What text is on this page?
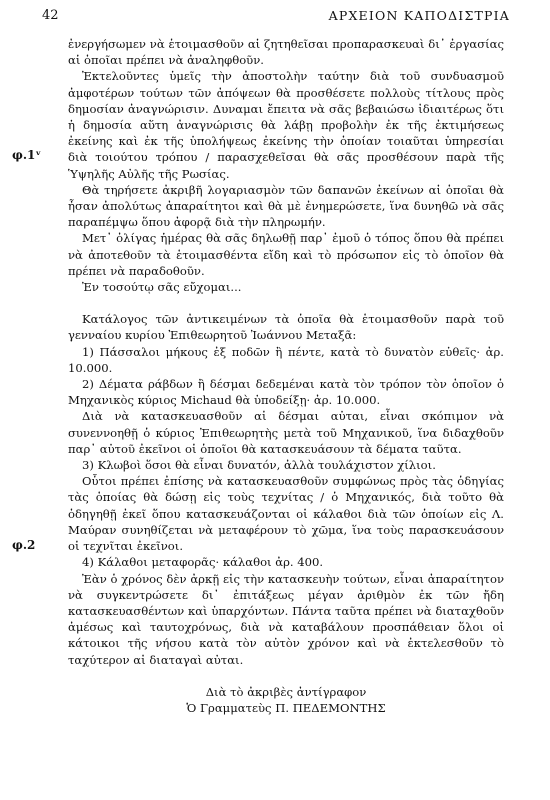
42	ΑΡΧΕΙΟΝ ΚΑΠΟΔΙΣΤΡΙΑ
φ.1ᵛ
φ.2

ἐνεργήσωμεν νὰ ἑτοιμασθοῦν αἱ ζητηθεῖσαι προπαρασκευαὶ δι᾿ ἐργασίας αἱ ὁποῖαι πρέπει νὰ ἀναληφθοῦν.

Ἐκτελοῦντες ὑμεῖς τὴν ἀποστολὴν ταύτην διὰ τοῦ συνδυασμοῦ ἀμφοτέρων τούτων τῶν ἀπόψεων θὰ προσθέσετε πολλοὺς τίτλους πρὸς δημοσίαν ἀναγνώρισιν. Δυναμαι ἔπειτα νὰ σᾶς βεβαιώσω ἰδιαιτέρως ὅτι ἡ δημοσία αὕτη ἀναγνώρισις θὰ λάβῃ προβολὴν ἐκ τῆς ἐκτιμήσεως ἐκείνης καὶ ἐκ τῆς ὑπολήψεως ἐκείνης τὴν ὁποίαν τοιαῦται ὑπηρεσίαι διὰ τοιούτου τρόπου / παρασχεθεῖσαι θὰ σᾶς προσθέσουν παρὰ τῆς Ὑψηλῆς Αὐλῆς τῆς Ρωσίας.

Θὰ τηρήσετε ἀκριβῆ λογαριασμὸν τῶν δαπανῶν ἐκείνων αἱ ὁποῖαι θὰ ἦσαν ἀπολύτως ἀπαραίτητοι καὶ θὰ μὲ ἐνημερώσετε, ἵνα δυνηθῶ νὰ σᾶς παραπέμψω ὅπου ἀφορᾷ διὰ τὴν πληρωμήν.

Μετ᾿ ὀλίγας ἡμέρας θὰ σᾶς δηλωθῇ παρ᾿ ἐμοῦ ὁ τόπος ὅπου θὰ πρέπει νὰ ἀποτεθοῦν τὰ ἑτοιμασθέντα εἴδη καὶ τὸ πρόσωπον εἰς τὸ ὁποῖον θὰ πρέπει νὰ παραδοθοῦν.

Ἐν τοσούτῳ σᾶς εὔχομαι...

Κατάλογος τῶν ἀντικειμένων τὰ ὁποῖα θὰ ἑτοιμασθοῦν παρὰ τοῦ γενναίου κυρίου Ἐπιθεωρητοῦ Ἰωάννου Μεταξᾶ:

1) Πάσσαλοι μήκους ἐξ ποδῶν ἢ πέντε, κατὰ τὸ δυνατὸν εὐθεῖς· ἀρ. 10.000.

2) Δέματα ράβδων ἢ δέσμαι δεδεμέναι κατὰ τὸν τρόπον τὸν ὁποῖον ὁ Μηχανικὸς κύριος Michaud θὰ ὑποδείξῃ· ἀρ. 10.000.

Διὰ νὰ κατασκευασθοῦν αἱ δέσμαι αὐται, εἶναι σκόπιμον νὰ συνεννοηθῇ ὁ κύριος Ἐπιθεωρητὴς μετὰ τοῦ Μηχανικοῦ, ἵνα διδαχθοῦν παρ᾿ αὐτοῦ ἐκεῖνοι οἱ ὁποῖοι θὰ κατασκευάσουν τὰ δέματα ταῦτα.

3) Κλωβοὶ ὅσοι θὰ εἶναι δυνατόν, ἀλλὰ τουλάχιστον χίλιοι.

Οὗτοι πρέπει ἐπίσης νὰ κατασκευασθοῦν συμφώνως πρὸς τὰς ὁδηγίας τὰς ὁποίας θὰ δώσῃ εἰς τοὺς τεχνίτας / ὁ Μηχανικός, διὰ τοῦτο θὰ ὁδηγηθῇ ἐκεῖ ὅπου κατασκευάζονται οἱ κάλαθοι διὰ τῶν ὁποίων εἰς Λ. Μαύραν συνηθίζεται νὰ μεταφέρουν τὸ χῶμα, ἵνα τοὺς παρασκευάσουν οἱ τεχνῖται ἐκεῖνοι.

4) Κάλαθοι μεταφορᾶς· κάλαθοι ἀρ. 400.

Ἐὰν ὁ χρόνος δὲν ἀρκῇ εἰς τὴν κατασκευὴν τούτων, εἶναι ἀπαραίτητον νὰ συγκεντρώσετε δι᾿ ἐπιτάξεως μέγαν ἀριθμὸν ἐκ τῶν ἤδη κατασκευασθέντων καὶ ὑπαρχόντων. Πάντα ταῦτα πρέπει νὰ διαταχθοῦν ἀμέσως καὶ ταυτοχρόνως, διὰ νὰ καταβάλουν προσπάθειαν ὅλοι οἱ κάτοικοι τῆς νήσου κατὰ τὸν αὐτὸν χρόνον καὶ νὰ ἐκτελεσθοῦν τὸ ταχύτερον αἱ διαταγαὶ αὐται.

Διὰ τὸ ἀκριβὲς ἀντίγραφον

Ὁ Γραμματεὺς Π. ΠΕΔΕΜΟΝΤΗΣ
